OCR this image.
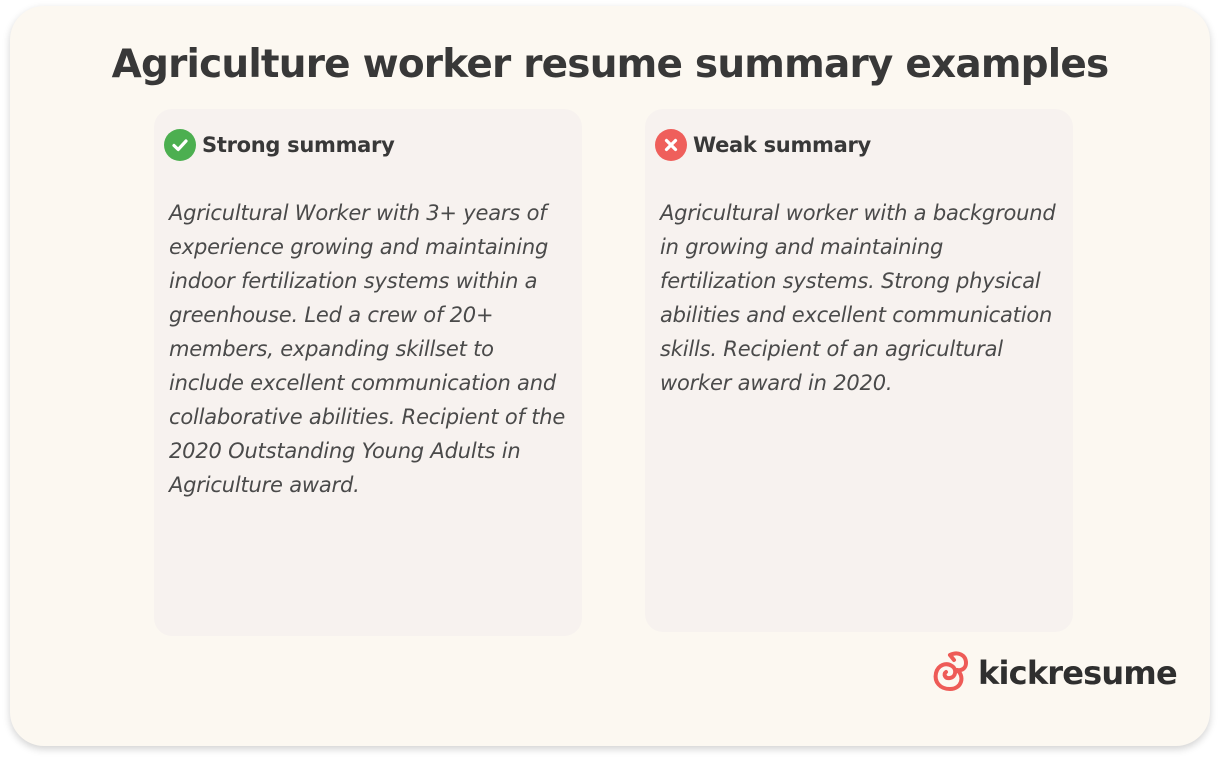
Agriculture worker resume summary examples
Strong summary
Agricultural Worker with 3+ years of experience growing and maintaining indoor fertilization systems within a greenhouse. Led a crew of 20+ members, expanding skillset to include excellent communication and collaborative abilities. Recipient of the 2020 Outstanding Young Adults in Agriculture award.
Weak summary
Agricultural worker with a background in growing and maintaining fertilization systems. Strong physical abilities and excellent communication skills. Recipient of an agricultural worker award in 2020.
kickresume
